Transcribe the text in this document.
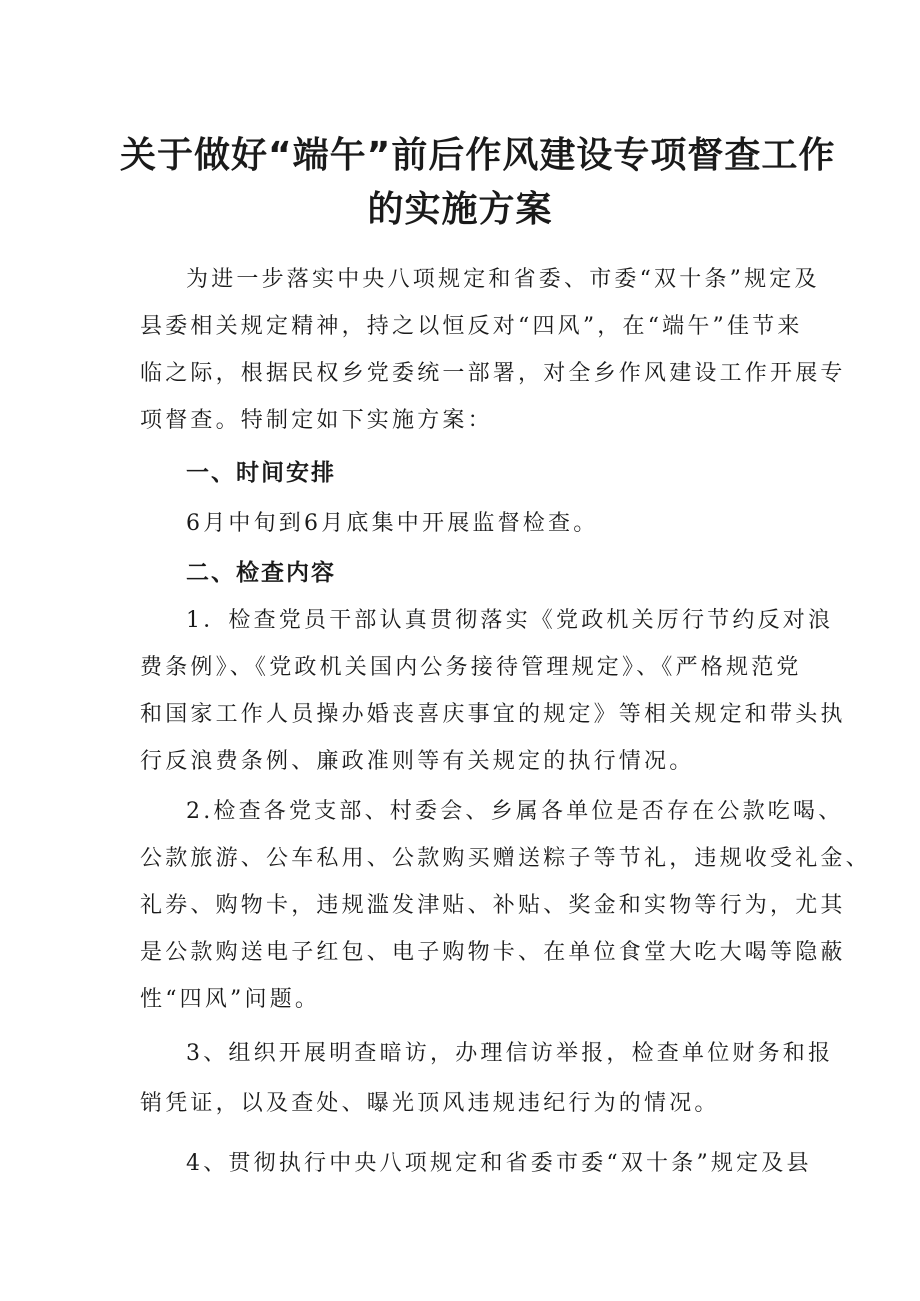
关于做好“端午”前后作风建设专项督查工作
的实施方案
为进一步落实中央八项规定和省委、市委“双十条”规定及
县委相关规定精神，持之以恒反对“四风”，在“端午”佳节来
临之际，根据民权乡党委统一部署，对全乡作风建设工作开展专
项督查。特制定如下实施方案：
一、时间安排
6月中旬到6月底集中开展监督检查。
二、检查内容
1．检查党员干部认真贯彻落实《党政机关厉行节约反对浪
费条例》、《党政机关国内公务接待管理规定》、《严格规范党
和国家工作人员操办婚丧喜庆事宜的规定》等相关规定和带头执
行反浪费条例、廉政准则等有关规定的执行情况。
2.检查各党支部、村委会、乡属各单位是否存在公款吃喝、
公款旅游、公车私用、公款购买赠送粽子等节礼，违规收受礼金、
礼券、购物卡，违规滥发津贴、补贴、奖金和实物等行为，尤其
是公款购送电子红包、电子购物卡、在单位食堂大吃大喝等隐蔽
性“四风”问题。
3、组织开展明查暗访，办理信访举报，检查单位财务和报
销凭证，以及查处、曝光顶风违规违纪行为的情况。
4、贯彻执行中央八项规定和省委市委“双十条”规定及县
